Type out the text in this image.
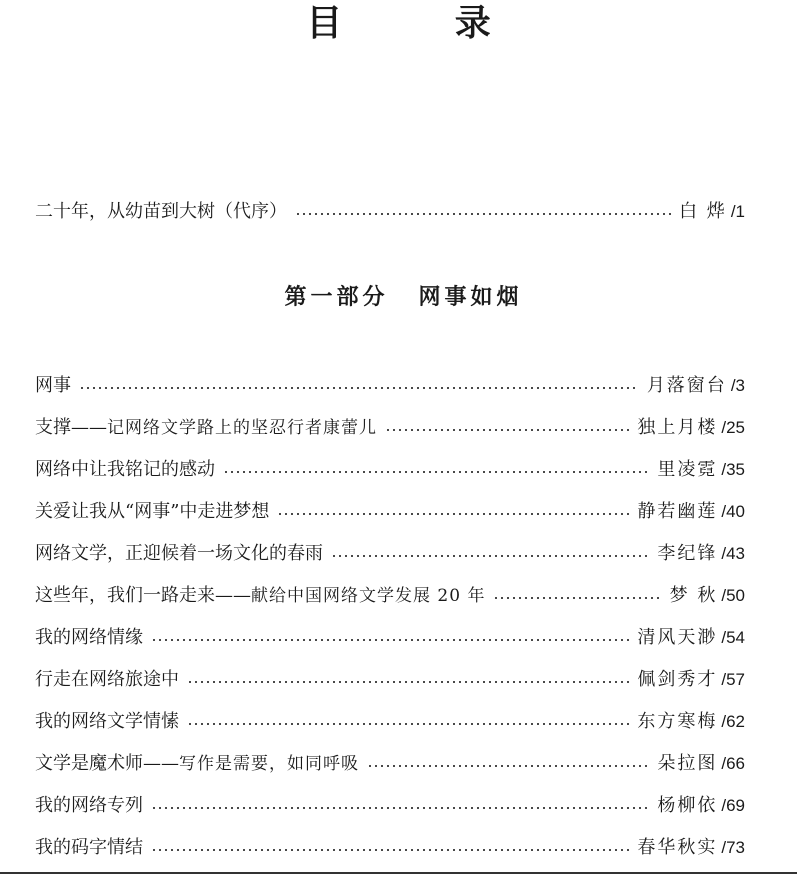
目 录
二十年，从幼苗到大树（代序）	白 烨 /1
第一部分 网事如烟
网事	月落窗台 /3
支撑—— 记网络文学路上的坚忍行者康蕾儿	独上月楼 /25
网络中让我铭记的感动	里凌霓 /35
关爱让我从“网事”中走进梦想	静若幽莲 /40
网络文学，正迎候着一场文化的春雨	李纪锋 /43
这些年，我们一路走来—— 献给中国网络文学发展 20 年	梦 秋 /50
我的网络情缘	清风天渺 /54
行走在网络旅途中	佩剑秀才 /57
我的网络文学情愫	东方寒梅 /62
文学是魔术师—— 写作是需要，如同呼吸	朵拉图 /66
我的网络专列	杨柳依 /69
我的码字情结	春华秋实 /73
